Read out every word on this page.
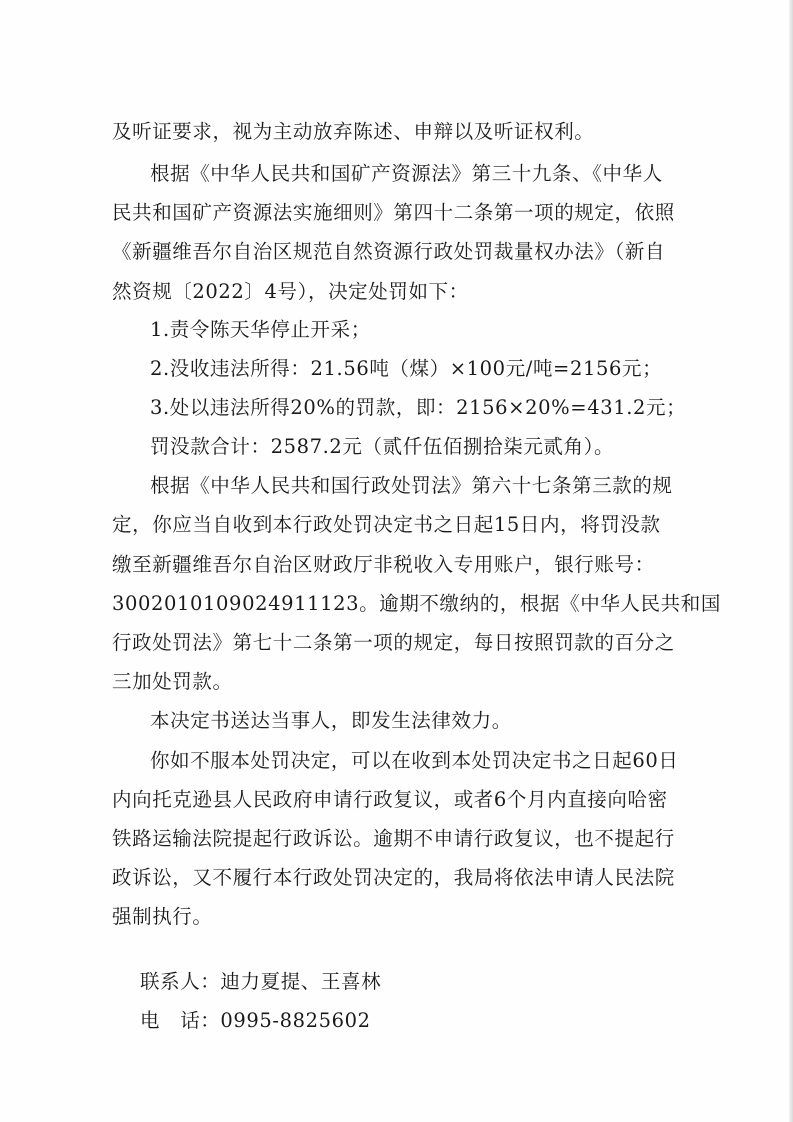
及听证要求，视为主动放弃陈述、申辩以及听证权利。
根据《中华人民共和国矿产资源法》第三十九条、《中华人
民共和国矿产资源法实施细则》第四十二条第一项的规定，依照
《新疆维吾尔自治区规范自然资源行政处罚裁量权办法》（新自
然资规〔2022〕4号），决定处罚如下：
1.责令陈天华停止开采；
2.没收违法所得：21.56吨（煤）×100元/吨=2156元；
3.处以违法所得20%的罚款，即：2156×20%=431.2元；
罚没款合计：2587.2元（贰仟伍佰捌拾柒元贰角）。
根据《中华人民共和国行政处罚法》第六十七条第三款的规
定，你应当自收到本行政处罚决定书之日起15日内，将罚没款
缴至新疆维吾尔自治区财政厅非税收入专用账户，银行账号：
3002010109024911123。逾期不缴纳的，根据《中华人民共和国
行政处罚法》第七十二条第一项的规定，每日按照罚款的百分之
三加处罚款。
本决定书送达当事人，即发生法律效力。
你如不服本处罚决定，可以在收到本处罚决定书之日起60日
内向托克逊县人民政府申请行政复议，或者6个月内直接向哈密
铁路运输法院提起行政诉讼。逾期不申请行政复议，也不提起行
政诉讼，又不履行本行政处罚决定的，我局将依法申请人民法院
强制执行。
联系人：迪力夏提、王喜林
电　话：0995-8825602
